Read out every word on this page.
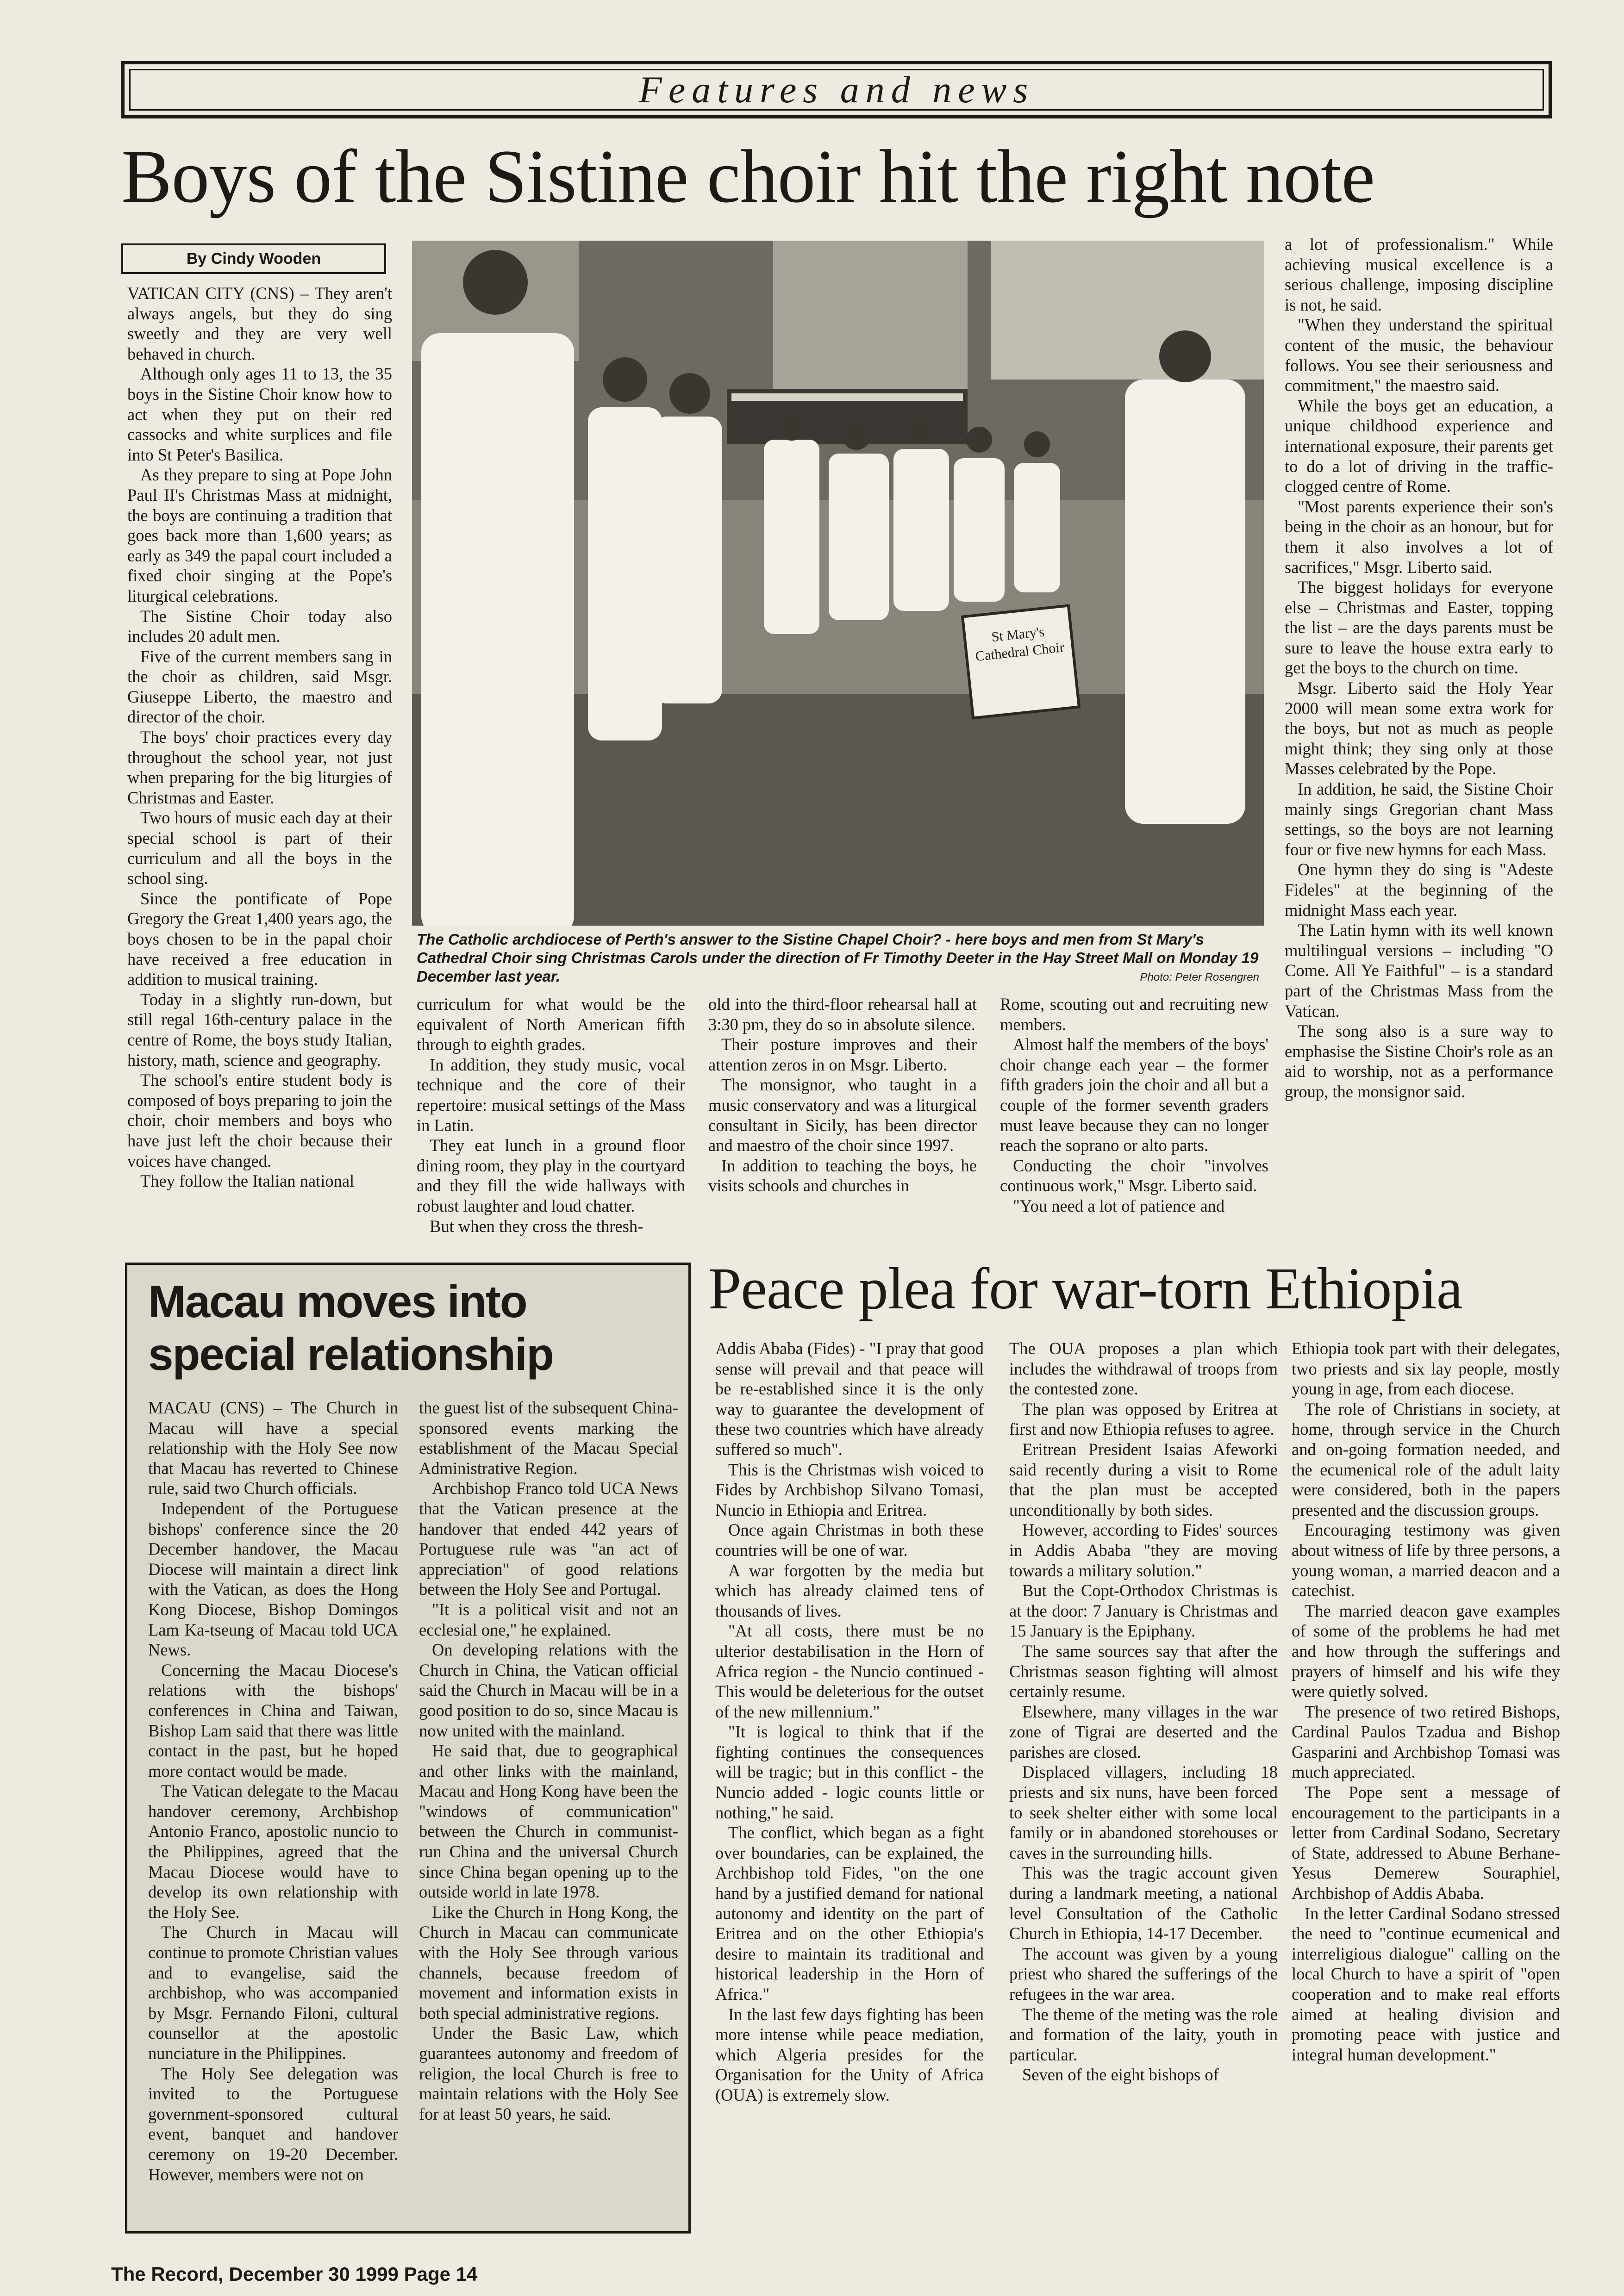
Features and news
Boys of the Sistine choir hit the right note
By Cindy Wooden

VATICAN CITY (CNS) – They aren't always angels, but they do sing sweetly and they are very well behaved in church.

Although only ages 11 to 13, the 35 boys in the Sistine Choir know how to act when they put on their red cassocks and white surplices and file into St Peter's Basilica.

As they prepare to sing at Pope John Paul II's Christmas Mass at midnight, the boys are continuing a tradition that goes back more than 1,600 years; as early as 349 the papal court included a fixed choir singing at the Pope's liturgical celebrations.

The Sistine Choir today also includes 20 adult men.

Five of the current members sang in the choir as children, said Msgr. Giuseppe Liberto, the maestro and director of the choir.

The boys' choir practices every day throughout the school year, not just when preparing for the big liturgies of Christmas and Easter.

Two hours of music each day at their special school is part of their curriculum and all the boys in the school sing.

Since the pontificate of Pope Gregory the Great 1,400 years ago, the boys chosen to be in the papal choir have received a free education in addition to musical training.

Today in a slightly run-down, but still regal 16th-century palace in the centre of Rome, the boys study Italian, history, math, science and geography.

The school's entire student body is composed of boys preparing to join the choir, choir members and boys who have just left the choir because their voices have changed.

They follow the Italian national

St Mary's
Cathedral Choir
The Catholic archdiocese of Perth's answer to the Sistine Chapel Choir? - here boys and men from St Mary's Cathedral Choir sing Christmas Carols under the direction of Fr Timothy Deeter in the Hay Street Mall on Monday 19 December last year.	Photo: Peter Rosengren

curriculum for what would be the equivalent of North American fifth through to eighth grades.

In addition, they study music, vocal technique and the core of their repertoire: musical settings of the Mass in Latin.

They eat lunch in a ground floor dining room, they play in the courtyard and they fill the wide hallways with robust laughter and loud chatter.

But when they cross the thresh-

old into the third-floor rehearsal hall at 3:30 pm, they do so in absolute silence.

Their posture improves and their attention zeros in on Msgr. Liberto.

The monsignor, who taught in a music conservatory and was a liturgical consultant in Sicily, has been director and maestro of the choir since 1997.

In addition to teaching the boys, he visits schools and churches in

Rome, scouting out and recruiting new members.

Almost half the members of the boys' choir change each year – the former fifth graders join the choir and all but a couple of the former seventh graders must leave because they can no longer reach the soprano or alto parts.

Conducting the choir "involves continuous work," Msgr. Liberto said.

"You need a lot of patience and

a lot of professionalism." While achieving musical excellence is a serious challenge, imposing discipline is not, he said.

"When they understand the spiritual content of the music, the behaviour follows. You see their seriousness and commitment," the maestro said.

While the boys get an education, a unique childhood experience and international exposure, their parents get to do a lot of driving in the traffic-clogged centre of Rome.

"Most parents experience their son's being in the choir as an honour, but for them it also involves a lot of sacrifices," Msgr. Liberto said.

The biggest holidays for everyone else – Christmas and Easter, topping the list – are the days parents must be sure to leave the house extra early to get the boys to the church on time.

Msgr. Liberto said the Holy Year 2000 will mean some extra work for the boys, but not as much as people might think; they sing only at those Masses celebrated by the Pope.

In addition, he said, the Sistine Choir mainly sings Gregorian chant Mass settings, so the boys are not learning four or five new hymns for each Mass.

One hymn they do sing is "Adeste Fideles" at the beginning of the midnight Mass each year.

The Latin hymn with its well known multilingual versions – including "O Come. All Ye Faithful" – is a standard part of the Christmas Mass from the Vatican.

The song also is a sure way to emphasise the Sistine Choir's role as an aid to worship, not as a performance group, the monsignor said.

Macau moves into
special relationship

MACAU (CNS) – The Church in Macau will have a special relationship with the Holy See now that Macau has reverted to Chinese rule, said two Church officials.

Independent of the Portuguese bishops' conference since the 20 December handover, the Macau Diocese will maintain a direct link with the Vatican, as does the Hong Kong Diocese, Bishop Domingos Lam Ka-tseung of Macau told UCA News.

Concerning the Macau Diocese's relations with the bishops' conferences in China and Taiwan, Bishop Lam said that there was little contact in the past, but he hoped more contact would be made.

The Vatican delegate to the Macau handover ceremony, Archbishop Antonio Franco, apostolic nuncio to the Philippines, agreed that the Macau Diocese would have to develop its own relationship with the Holy See.

The Church in Macau will continue to promote Christian values and to evangelise, said the archbishop, who was accompanied by Msgr. Fernando Filoni, cultural counsellor at the apostolic nunciature in the Philippines.

The Holy See delegation was invited to the Portuguese government-sponsored cultural event, banquet and handover ceremony on 19-20 December. However, members were not on

the guest list of the subsequent China-sponsored events marking the establishment of the Macau Special Administrative Region.

Archbishop Franco told UCA News that the Vatican presence at the handover that ended 442 years of Portuguese rule was "an act of appreciation" of good relations between the Holy See and Portugal.

"It is a political visit and not an ecclesial one," he explained.

On developing relations with the Church in China, the Vatican official said the Church in Macau will be in a good position to do so, since Macau is now united with the mainland.

He said that, due to geographical and other links with the mainland, Macau and Hong Kong have been the "windows of communication" between the Church in communist-run China and the universal Church since China began opening up to the outside world in late 1978.

Like the Church in Hong Kong, the Church in Macau can communicate with the Holy See through various channels, because freedom of movement and information exists in both special administrative regions.

Under the Basic Law, which guarantees autonomy and freedom of religion, the local Church is free to maintain relations with the Holy See for at least 50 years, he said.

Peace plea for war-torn Ethiopia

Addis Ababa (Fides) - "I pray that good sense will prevail and that peace will be re-established since it is the only way to guarantee the development of these two countries which have already suffered so much".

This is the Christmas wish voiced to Fides by Archbishop Silvano Tomasi, Nuncio in Ethiopia and Eritrea.

Once again Christmas in both these countries will be one of war.

A war forgotten by the media but which has already claimed tens of thousands of lives.

"At all costs, there must be no ulterior destabilisation in the Horn of Africa region - the Nuncio continued - This would be deleterious for the outset of the new millennium."

"It is logical to think that if the fighting continues the consequences will be tragic; but in this conflict - the Nuncio added - logic counts little or nothing," he said.

The conflict, which began as a fight over boundaries, can be explained, the Archbishop told Fides, "on the one hand by a justified demand for national autonomy and identity on the part of Eritrea and on the other Ethiopia's desire to maintain its traditional and historical leadership in the Horn of Africa."

In the last few days fighting has been more intense while peace mediation, which Algeria presides for the Organisation for the Unity of Africa (OUA) is extremely slow.

The OUA proposes a plan which includes the withdrawal of troops from the contested zone.

The plan was opposed by Eritrea at first and now Ethiopia refuses to agree.

Eritrean President Isaias Afeworki said recently during a visit to Rome that the plan must be accepted unconditionally by both sides.

However, according to Fides' sources in Addis Ababa "they are moving towards a military solution."

But the Copt-Orthodox Christmas is at the door: 7 January is Christmas and 15 January is the Epiphany.

The same sources say that after the Christmas season fighting will almost certainly resume.

Elsewhere, many villages in the war zone of Tigrai are deserted and the parishes are closed.

Displaced villagers, including 18 priests and six nuns, have been forced to seek shelter either with some local family or in abandoned storehouses or caves in the surrounding hills.

This was the tragic account given during a landmark meeting, a national level Consultation of the Catholic Church in Ethiopia, 14-17 December.

The account was given by a young priest who shared the sufferings of the refugees in the war area.

The theme of the meting was the role and formation of the laity, youth in particular.

Seven of the eight bishops of

Ethiopia took part with their delegates, two priests and six lay people, mostly young in age, from each diocese.

The role of Christians in society, at home, through service in the Church and on-going formation needed, and the ecumenical role of the adult laity were considered, both in the papers presented and the discussion groups.

Encouraging testimony was given about witness of life by three persons, a young woman, a married deacon and a catechist.

The married deacon gave examples of some of the problems he had met and how through the sufferings and prayers of himself and his wife they were quietly solved.

The presence of two retired Bishops, Cardinal Paulos Tzadua and Bishop Gasparini and Archbishop Tomasi was much appreciated.

The Pope sent a message of encouragement to the participants in a letter from Cardinal Sodano, Secretary of State, addressed to Abune Berhane-Yesus Demerew Souraphiel, Archbishop of Addis Ababa.

In the letter Cardinal Sodano stressed the need to "continue ecumenical and interreligious dialogue" calling on the local Church to have a spirit of "open cooperation and to make real efforts aimed at healing division and promoting peace with justice and integral human development."

The Record, December 30 1999 Page 14
